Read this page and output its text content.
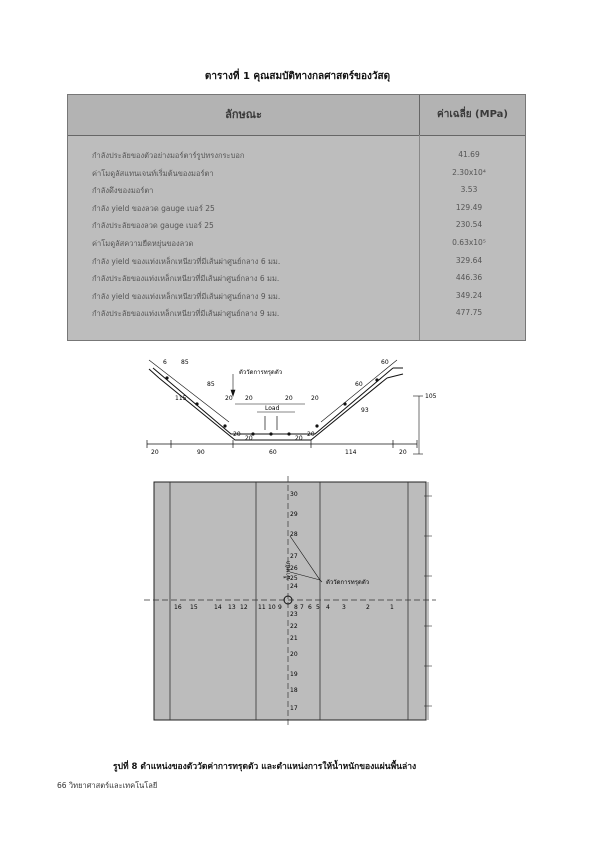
ตารางที่ 1 คุณสมบัติทางกลศาสตร์ของวัสดุ
ลักษณะ	ค่าเฉลี่ย (MPa)
กำลังประลัยของตัวอย่างมอร์ตาร์รูปทรงกระบอก	41.69
ค่าโมดูลัสแทนเจนท์เริ่มต้นของมอร์ตา	2.30x10⁴
กำลังดึงของมอร์ตา	3.53
กำลัง yield ของลวด gauge เบอร์ 25	129.49
กำลังประลัยของลวด gauge เบอร์ 25	230.54
ค่าโมดูลัสความยืดหยุ่นของลวด	0.63x10⁵
กำลัง yield ของแท่งเหล็กเหนียวที่มีเส้นผ่าศูนย์กลาง 6 มม.	329.64
กำลังประลัยของแท่งเหล็กเหนียวที่มีเส้นผ่าศูนย์กลาง 6 มม.	446.36
กำลัง yield ของแท่งเหล็กเหนียวที่มีเส้นผ่าศูนย์กลาง 9 มม.	349.24
กำลังประลัยของแท่งเหล็กเหนียวที่มีเส้นผ่าศูนย์กลาง 9 มม.	477.75
ตัววัดการทรุดตัว
Load
105
6 85
85
115
60
60
93
20 20	20	20
20
20	20
20
20	90	60	114	20
น้ำหนัก
ตัววัดการทรุดตัว
30
29
28
27
26
25
24
23
22
21
20
19
18
17
16 15	14 13 12 11 10 9 8 7 6 5 4 3	2	1
รูปที่ 8 ตำแหน่งของตัววัดค่าการทรุดตัว และตำแหน่งการให้น้ำหนักของแผ่นพื้นล่าง
66 วิทยาศาสตร์และเทคโนโลยี
